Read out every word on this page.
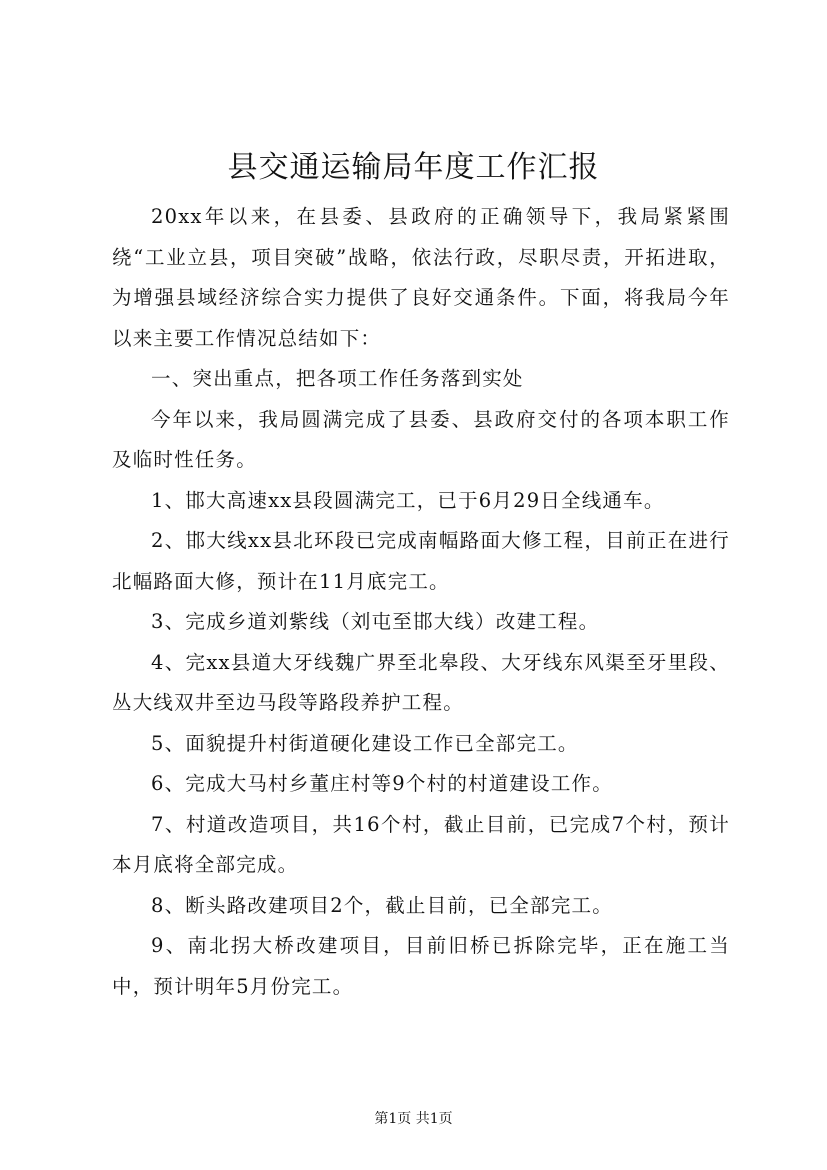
县交通运输局年度工作汇报

20xx年以来，在县委、县政府的正确领导下，我局紧紧围绕“工业立县，项目突破”战略，依法行政，尽职尽责，开拓进取，为增强县域经济综合实力提供了良好交通条件。下面，将我局今年以来主要工作情况总结如下：

一、突出重点，把各项工作任务落到实处

今年以来，我局圆满完成了县委、县政府交付的各项本职工作及临时性任务。

1、邯大高速xx县段圆满完工，已于6月29日全线通车。

2、邯大线xx县北环段已完成南幅路面大修工程，目前正在进行北幅路面大修，预计在11月底完工。

3、完成乡道刘紫线（刘屯至邯大线）改建工程。

4、完xx县道大牙线魏广界至北皋段、大牙线东风渠至牙里段、丛大线双井至边马段等路段养护工程。

5、面貌提升村街道硬化建设工作已全部完工。

6、完成大马村乡董庄村等9个村的村道建设工作。

7、村道改造项目，共16个村，截止目前，已完成7个村，预计本月底将全部完成。

8、断头路改建项目2个，截止目前，已全部完工。

9、南北拐大桥改建项目，目前旧桥已拆除完毕，正在施工当中，预计明年5月份完工。

第1页 共1页
